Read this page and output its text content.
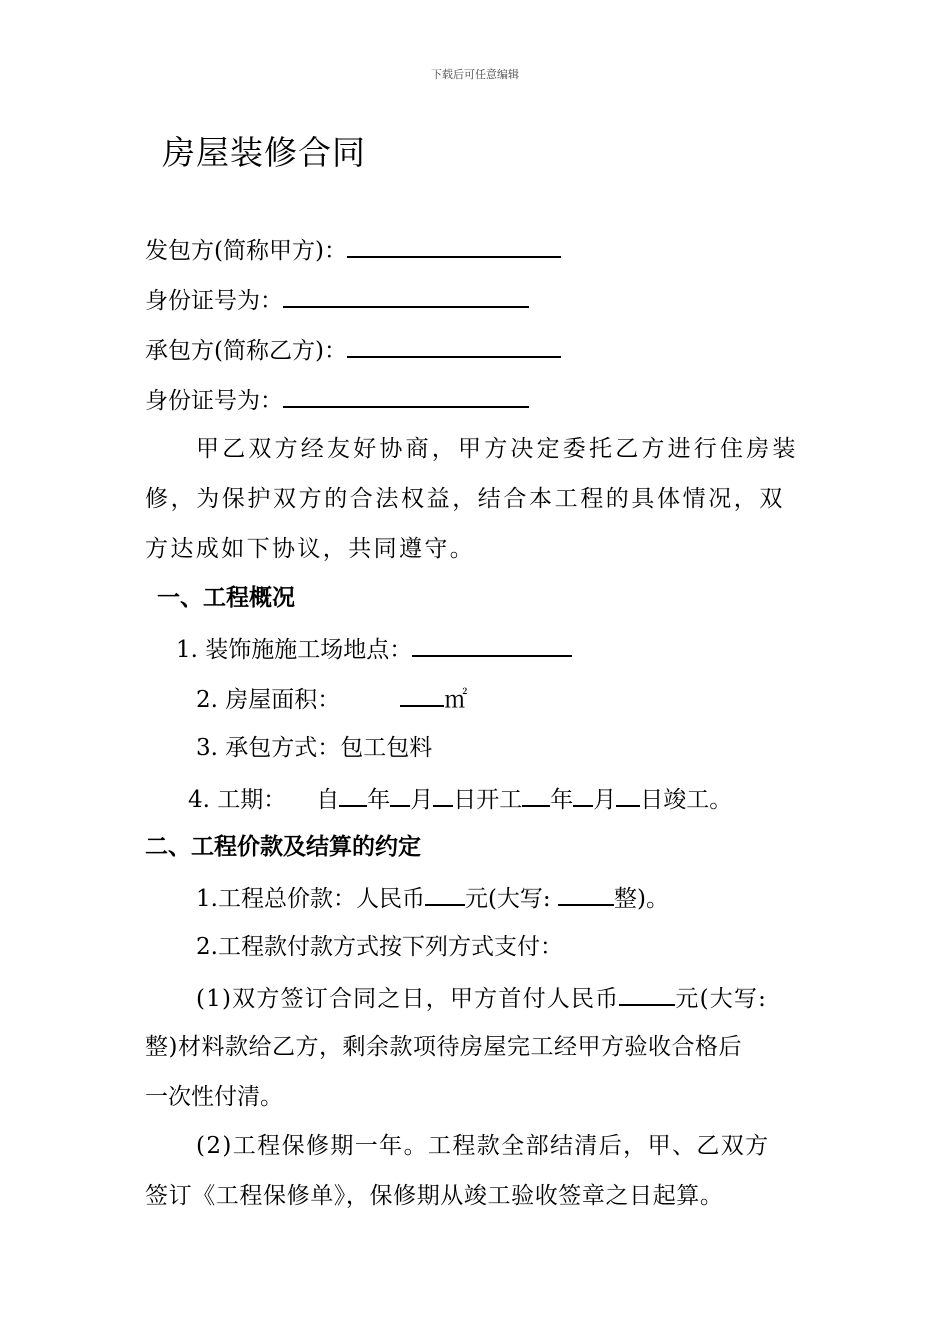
下载后可任意编辑
房屋装修合同
发包方(简称甲方)：
身份证号为：
承包方(简称乙方)：
身份证号为：
甲乙双方经友好协商，甲方决定委托乙方进行住房装
修，为保护双方的合法权益，结合本工程的具体情况，双
方达成如下协议，共同遵守。
一、工程概况
1. 装饰施施工场地点：
2. 房屋面积：	㎡
3. 承包方式：包工包料
4. 工期： 自 年 月 日开工 年 月 日竣工。
二、工程价款及结算的约定
1.工程总价款：人民币 元(大写: 整)。
2.工程款付款方式按下列方式支付：
(1)双方签订合同之日，甲方首付人民币 元(大写:
整)材料款给乙方，剩余款项待房屋完工经甲方验收合格后
一次性付清。
(2)工程保修期一年。工程款全部结清后，甲、乙双方
签订《工程保修单》，保修期从竣工验收签章之日起算。
